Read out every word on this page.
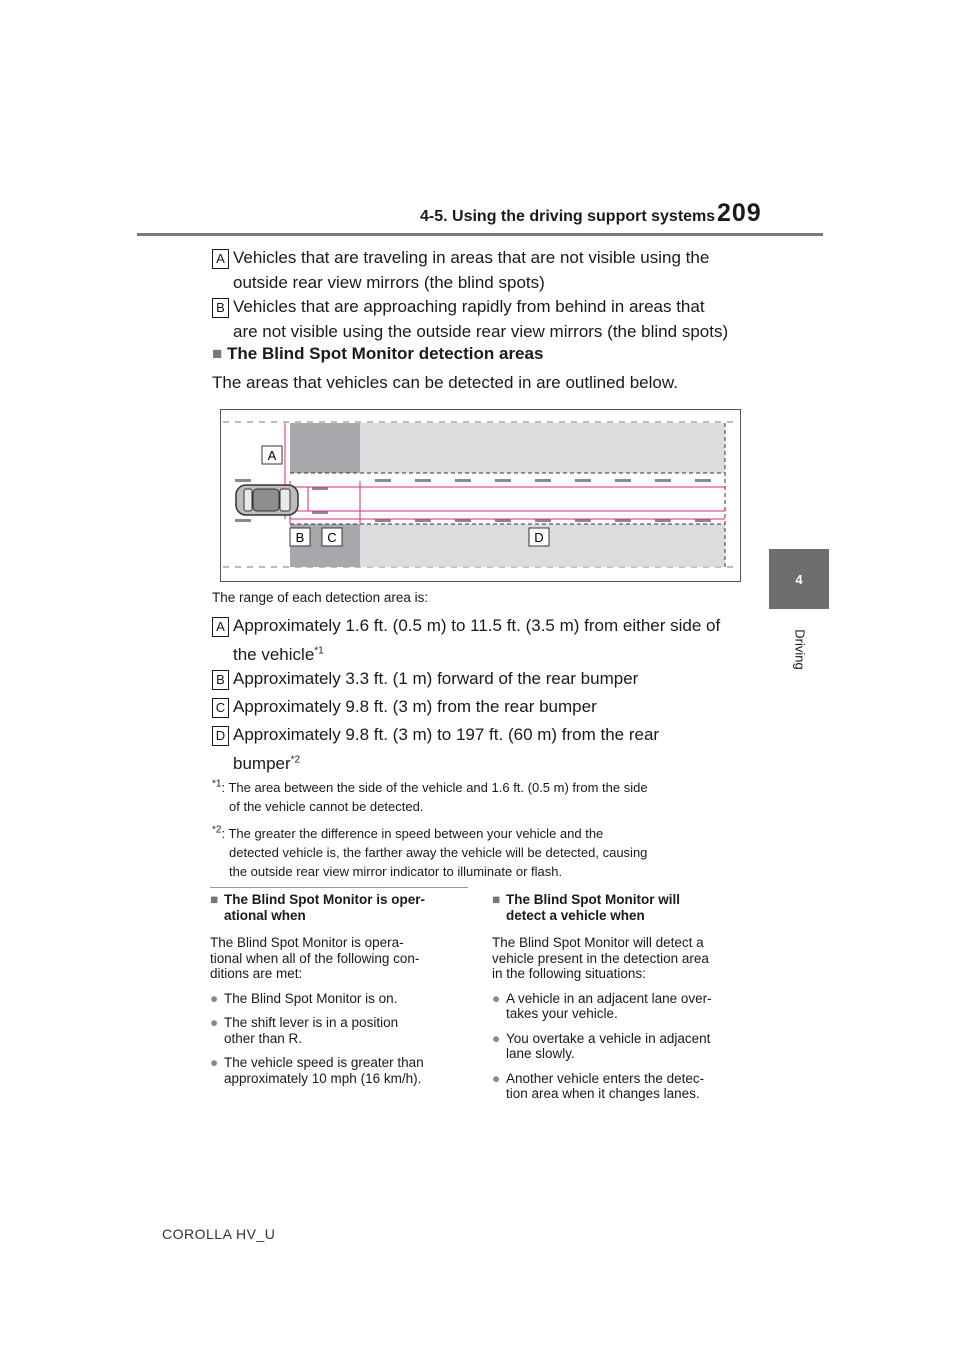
4-5. Using the driving support systems 209
4
Driving
A Vehicles that are traveling in areas that are not visible using the
outside rear view mirrors (the blind spots)
B Vehicles that are approaching rapidly from behind in areas that
are not visible using the outside rear view mirrors (the blind spots)
■ The Blind Spot Monitor detection areas
The areas that vehicles can be detected in are outlined below.
A
B C	D
The range of each detection area is:
A Approximately 1.6 ft. (0.5 m) to 11.5 ft. (3.5 m) from either side of
the vehicle$^{*1}$
B Approximately 3.3 ft. (1 m) forward of the rear bumper
C Approximately 9.8 ft. (3 m) from the rear bumper
D Approximately 9.8 ft. (3 m) to 197 ft. (60 m) from the rear
bumper$^{*2}$
$^{*1}$: The area between the side of the vehicle and 1.6 ft. (0.5 m) from the side
of the vehicle cannot be detected.
$^{*2}$: The greater the difference in speed between your vehicle and the
detected vehicle is, the farther away the vehicle will be detected, causing
the outside rear view mirror indicator to illuminate or flash.
■ The Blind Spot Monitor is oper-
ational when
The Blind Spot Monitor is opera-
tional when all of the following con-
ditions are met:
● The Blind Spot Monitor is on.
● The shift lever is in a position
other than R.
● The vehicle speed is greater than
approximately 10 mph (16 km/h).
■ The Blind Spot Monitor will
detect a vehicle when
The Blind Spot Monitor will detect a
vehicle present in the detection area
in the following situations:
● A vehicle in an adjacent lane over-
takes your vehicle.
● You overtake a vehicle in adjacent
lane slowly.
● Another vehicle enters the detec-
tion area when it changes lanes.
COROLLA HV_U
